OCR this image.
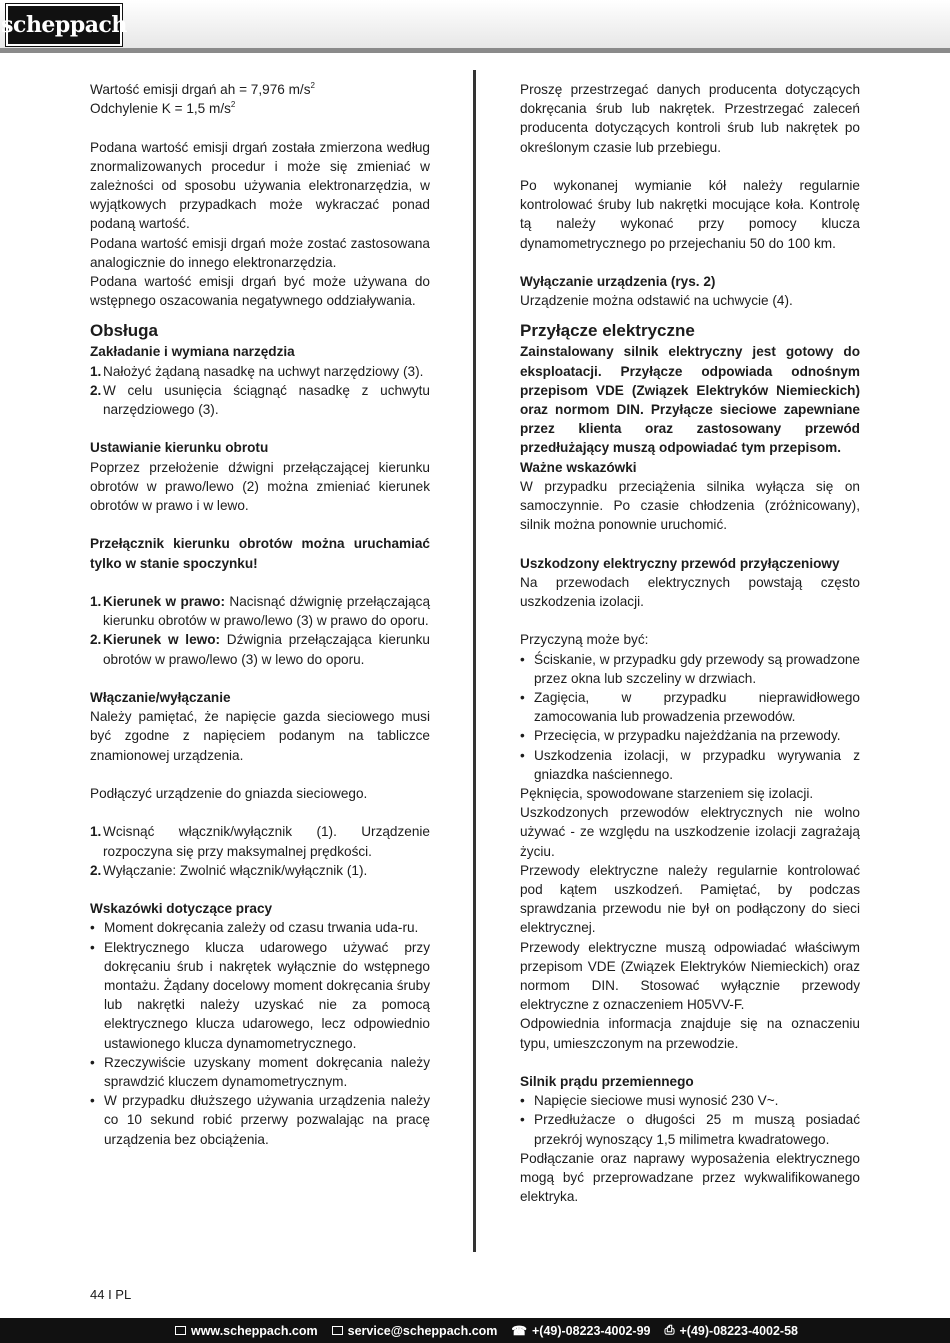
scheppach

Wartość emisji drgań ah = 7,976 $m/s^2$

Odchylenie K = 1,5 $m/s^2$

Podana wartość emisji drgań została zmierzona według znormalizowanych procedur i może się zmieniać w zależności od sposobu używania elektronarzędzia, w wyjątkowych przypadkach może wykraczać ponad podaną wartość.

Podana wartość emisji drgań może zostać zastosowana analogicznie do innego elektronarzędzia.

Podana wartość emisji drgań być może używana do wstępnego oszacowania negatywnego oddziaływania.

Obsługa

Zakładanie i wymiana narzędzia

1. Nałożyć żądaną nasadkę na uchwyt narzędziowy (3).
2. W celu usunięcia ściągnąć nasadkę z uchwytu narzędziowego (3).

Ustawianie kierunku obrotu

Poprzez przełożenie dźwigni przełączającej kierunku obrotów w prawo/lewo (2) można zmieniać kierunek obrotów w prawo i w lewo.

Przełącznik kierunku obrotów można uruchamiać tylko w stanie spoczynku!

1. Kierunek w prawo: Nacisnąć dźwignię przełączającą kierunku obrotów w prawo/lewo (3) w prawo do oporu.
2. Kierunek w lewo: Dźwignia przełączająca kierunku obrotów w prawo/lewo (3) w lewo do oporu.

Włączanie/wyłączanie

Należy pamiętać, że napięcie gazda sieciowego musi być zgodne z napięciem podanym na tabliczce znamionowej urządzenia.

Podłączyć urządzenie do gniazda sieciowego.

1. Wcisnąć włącznik/wyłącznik (1). Urządzenie rozpoczyna się przy maksymalnej prędkości.
2. Wyłączanie: Zwolnić włącznik/wyłącznik (1).

Wskazówki dotyczące pracy

• Moment dokręcania zależy od czasu trwania uda-ru.
• Elektrycznego klucza udarowego używać przy dokręcaniu śrub i nakrętek wyłącznie do wstępnego montażu. Żądany docelowy moment dokręcania śruby lub nakrętki należy uzyskać nie za pomocą elektrycznego klucza udarowego, lecz odpowiednio ustawionego klucza dynamometrycznego.
• Rzeczywiście uzyskany moment dokręcania należy sprawdzić kluczem dynamometrycznym.
• W przypadku dłuższego używania urządzenia należy co 10 sekund robić przerwy pozwalając na pracę urządzenia bez obciążenia.

Proszę przestrzegać danych producenta dotyczących dokręcania śrub lub nakrętek. Przestrzegać zaleceń producenta dotyczących kontroli śrub lub nakrętek po określonym czasie lub przebiegu.

Po wykonanej wymianie kół należy regularnie kontrolować śruby lub nakrętki mocujące koła. Kontrolę tą należy wykonać przy pomocy klucza dynamometrycznego po przejechaniu 50 do 100 km.

Wyłączanie urządzenia (rys. 2)

Urządzenie można odstawić na uchwycie (4).

Przyłącze elektryczne

Zainstalowany silnik elektryczny jest gotowy do eksploatacji. Przyłącze odpowiada odnośnym przepisom VDE (Związek Elektryków Niemieckich) oraz normom DIN. Przyłącze sieciowe zapewniane przez klienta oraz zastosowany przewód przedłużający muszą odpowiadać tym przepisom.

Ważne wskazówki

W przypadku przeciążenia silnika wyłącza się on samoczynnie. Po czasie chłodzenia (zróżnicowany), silnik można ponownie uruchomić.

Uszkodzony elektryczny przewód przyłączeniowy

Na przewodach elektrycznych powstają często uszkodzenia izolacji.

Przyczyną może być:

• Ściskanie, w przypadku gdy przewody są prowadzone przez okna lub szczeliny w drzwiach.
• Zagięcia, w przypadku nieprawidłowego zamocowania lub prowadzenia przewodów.
• Przecięcia, w przypadku najeżdżania na przewody.
• Uszkodzenia izolacji, w przypadku wyrywania z gniazdka naściennego.

Pęknięcia, spowodowane starzeniem się izolacji.

Uszkodzonych przewodów elektrycznych nie wolno używać - ze względu na uszkodzenie izolacji zagrażają życiu.

Przewody elektryczne należy regularnie kontrolować pod kątem uszkodzeń. Pamiętać, by podczas sprawdzania przewodu nie był on podłączony do sieci elektrycznej.

Przewody elektryczne muszą odpowiadać właściwym przepisom VDE (Związek Elektryków Niemieckich) oraz normom DIN. Stosować wyłącznie przewody elektryczne z oznaczeniem H05VV-F.

Odpowiednia informacja znajduje się na oznaczeniu typu, umieszczonym na przewodzie.

Silnik prądu przemiennego

• Napięcie sieciowe musi wynosić 230 V~.
• Przedłużacze o długości 25 m muszą posiadać przekrój wynoszący 1,5 milimetra kwadratowego.

Podłączanie oraz naprawy wyposażenia elektrycznego mogą być przeprowadzane przez wykwalifikowanego elektryka.

44 I PL
www.scheppach.com service@scheppach.com ☎ +(49)-08223-4002-99 ⎙ +(49)-08223-4002-58
